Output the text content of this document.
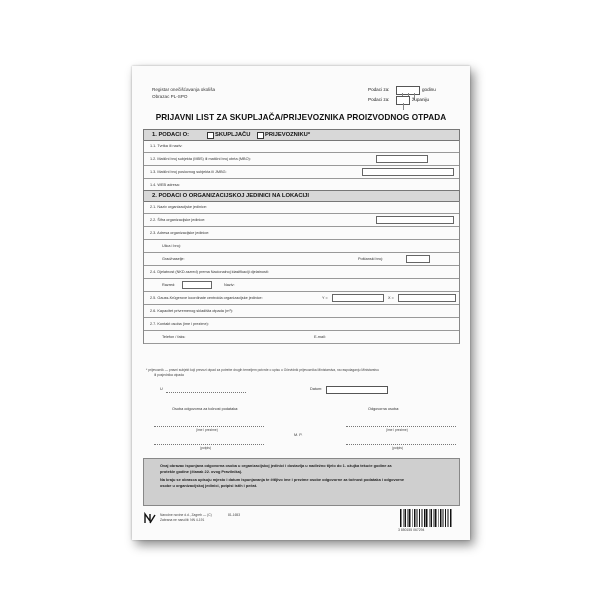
Registar onečišćavanja okoliša
Obrazac PL-SPO
Podaci za:	godinu
Podaci za:	županiju
PRIJAVNI LIST ZA SKUPLJAČA/PRIJEVOZNIKA PROIZVODNOG OTPADA
1. PODACI O:	SKUPLJAČU	PRIJEVOZNIKU*
1.1. Tvrtka ili naziv:
1.2. Matični broj subjekta (MBS) ili matični broj obrta (MBO):
1.3. Matični broj poslovnog subjekta ili JMBG:
1.4. WEB adresa:
2. PODACI O ORGANIZACIJSKOJ JEDINICI NA LOKACIJI
2.1. Naziv organizacijske jedinice:
2.2. Šifra organizacijske jedinice:
2.3. Adresa organizacijske jedinice:
Ulica i broj:
Grad/naselje:	Poštanski broj:
2.4. Djelatnost (NKD-razred) prema Nacionalnoj klasifikaciji djelatnosti:
Razred:	Naziv:
2.5. Gauss-Krügerove koordinate centroida organizacijske jedinice:	Y =	X =
2.6. Kapacitet privremenog skladišta otpada (m³):
2.7. Kontakt osoba (ime i prezime):
Telefon / faks:	E-mail:
* prijevoznik — pravni subjekt koji prevozi otpad za potrebe drugih temeljem potvrde o upisu u Očevidnik prijevoznika Ministarstva, na raspolaganju Ministarstvu
ili posjednika otpada
U	Datum:
Osoba odgovorna za točnost podataka:	Odgovorna osoba:
(ime i prezime)	(ime i prezime)
M. P.
(potpis)	(potpis)

Ovaj obrazac ispunjava odgovorna osoba u organizacijskoj jedinici i dostavlja u nadležno tijelo do 1. ožujka tekuće godine za

protekle godine (članak 22. ovog Pravilnika).

Na kraju se obrasca upisuju mjesto i datum ispunjavanja te čitljivo ime i prezime osobe odgovorne za točnost podataka i odgovorne

osobe u organizacijskoj jedinici, potpisi istih i pečat.

Narodne novine d.d., Zagreb — (C)
Zabrana ne naručiti: NN 4-191
81-1653
3 850155 067294
